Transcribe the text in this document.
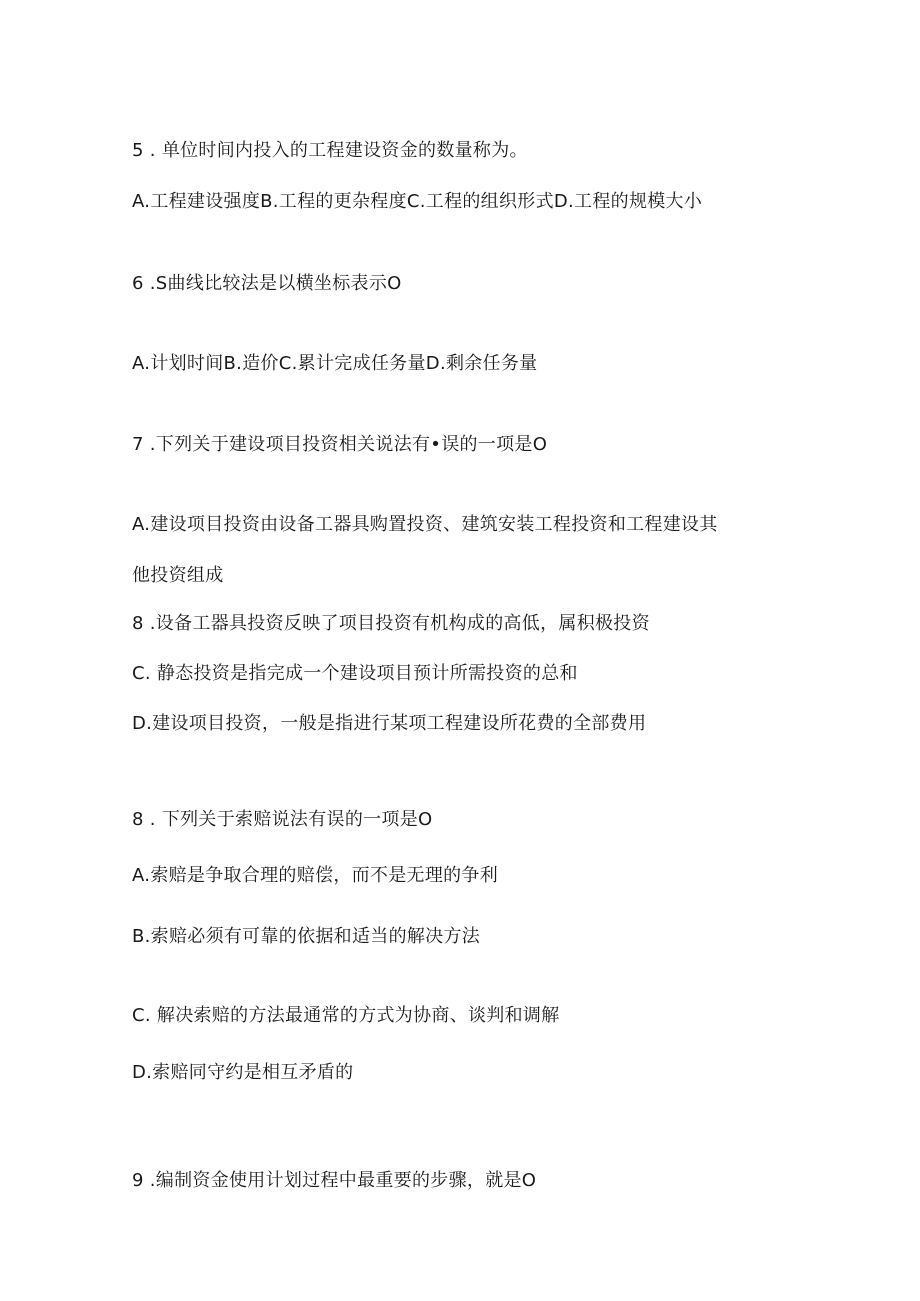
5 . 单位时间内投入的工程建设资金的数量称为。

A.工程建设强度B.工程的更杂程度C.工程的组织形式D.工程的规模大小

6 .S曲线比较法是以横坐标表示O

A.计划时间B.造价C.累计完成任务量D.剩余任务量

7 .下列关于建设项目投资相关说法有•误的一项是O

A.建设项目投资由设备工器具购置投资、建筑安装工程投资和工程建设其

他投资组成

8 .设备工器具投资反映了项目投资有机构成的高低，属积极投资

C. 静态投资是指完成一个建设项目预计所需投资的总和

D.建设项目投资，一般是指进行某项工程建设所花费的全部费用

8 . 下列关于索赔说法有误的一项是O

A.索赔是争取合理的赔偿，而不是无理的争利

B.索赔必须有可靠的依据和适当的解决方法

C. 解决索赔的方法最通常的方式为协商、谈判和调解

D.索赔同守约是相互矛盾的

9 .编制资金使用计划过程中最重要的步骤，就是O
